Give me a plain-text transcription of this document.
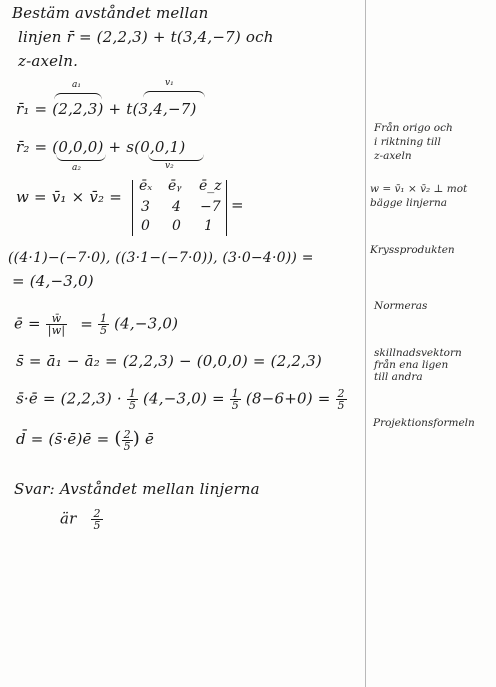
Bestäm avståndet mellan
linjen r̄ = (2,2,3) + t(3,4,−7) och
z-axeln.
a₁	v₁
r̄₁ = (2,2,3) + t(3,4,−7)
r̄₂ = (0,0,0) + s(0,0,1)
a₂	v₂
w = v̄₁ × v̄₂ =
ēₓ ēᵧ ē_z
3 4 −7
0 0 1
=
((4·1)−(−7·0), ((3·1−(−7·0)), (3·0−4·0)) =
= (4,−3,0)
ē = $\frac{w̄}{|w|} = \frac{1}{5} (4,-3,0)$
s̄ = ā₁ − ā₂ = (2,2,3) − (0,0,0) = (2,2,3)
s̄·ē = $(2,2,3) \cdot \frac{1}{5} (4,-3,0) = \frac{1}{5} (8-6+0) = \frac{2}{5}$
d̄ = (s̄·ē)ē = ( $\frac{2}{5}$ ) ē
Svar: Avståndet mellan linjerna
är $\frac{2}{5}$
Från origo och
i riktning till
z-axeln
w = v̄₁ × v̄₂ ⊥ mot
bägge linjerna
Kryssprodukten
Normeras
skillnadsvektorn
från ena ligen
till andra
Projektionsformeln
